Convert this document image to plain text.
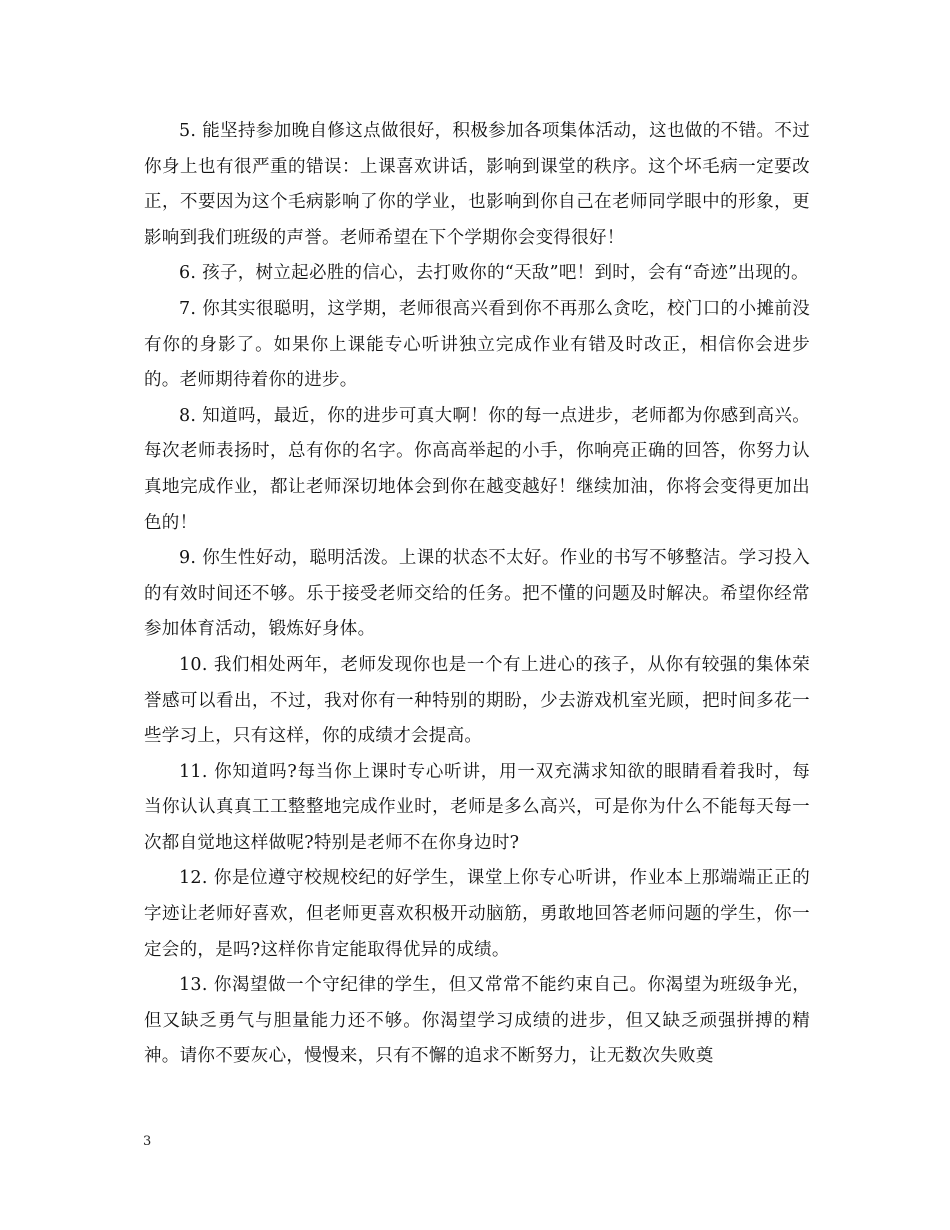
5. 能坚持参加晚自修这点做很好，积极参加各项集体活动，这也做的不错。不过你身上也有很严重的错误：上课喜欢讲话，影响到课堂的秩序。这个坏毛病一定要改正，不要因为这个毛病影响了你的学业，也影响到你自己在老师同学眼中的形象，更影响到我们班级的声誉。老师希望在下个学期你会变得很好！

6. 孩子，树立起必胜的信心，去打败你的“天敌”吧！到时，会有“奇迹”出现的。

7. 你其实很聪明，这学期，老师很高兴看到你不再那么贪吃，校门口的小摊前没有你的身影了。如果你上课能专心听讲独立完成作业有错及时改正，相信你会进步的。老师期待着你的进步。

8. 知道吗，最近，你的进步可真大啊！你的每一点进步，老师都为你感到高兴。每次老师表扬时，总有你的名字。你高高举起的小手，你响亮正确的回答，你努力认真地完成作业，都让老师深切地体会到你在越变越好！继续加油，你将会变得更加出色的！

9. 你生性好动，聪明活泼。上课的状态不太好。作业的书写不够整洁。学习投入的有效时间还不够。乐于接受老师交给的任务。把不懂的问题及时解决。希望你经常参加体育活动，锻炼好身体。

10. 我们相处两年，老师发现你也是一个有上进心的孩子，从你有较强的集体荣誉感可以看出，不过，我对你有一种特别的期盼，少去游戏机室光顾，把时间多花一些学习上，只有这样，你的成绩才会提高。

11. 你知道吗?每当你上课时专心听讲，用一双充满求知欲的眼睛看着我时，每当你认认真真工工整整地完成作业时，老师是多么高兴，可是你为什么不能每天每一次都自觉地这样做呢?特别是老师不在你身边时?

12. 你是位遵守校规校纪的好学生，课堂上你专心听讲，作业本上那端端正正的字迹让老师好喜欢，但老师更喜欢积极开动脑筋，勇敢地回答老师问题的学生，你一定会的，是吗?这样你肯定能取得优异的成绩。

13. 你渴望做一个守纪律的学生，但又常常不能约束自己。你渴望为班级争光，但又缺乏勇气与胆量能力还不够。你渴望学习成绩的进步，但又缺乏顽强拼搏的精神。请你不要灰心，慢慢来，只有不懈的追求不断努力，让无数次失败奠

3
